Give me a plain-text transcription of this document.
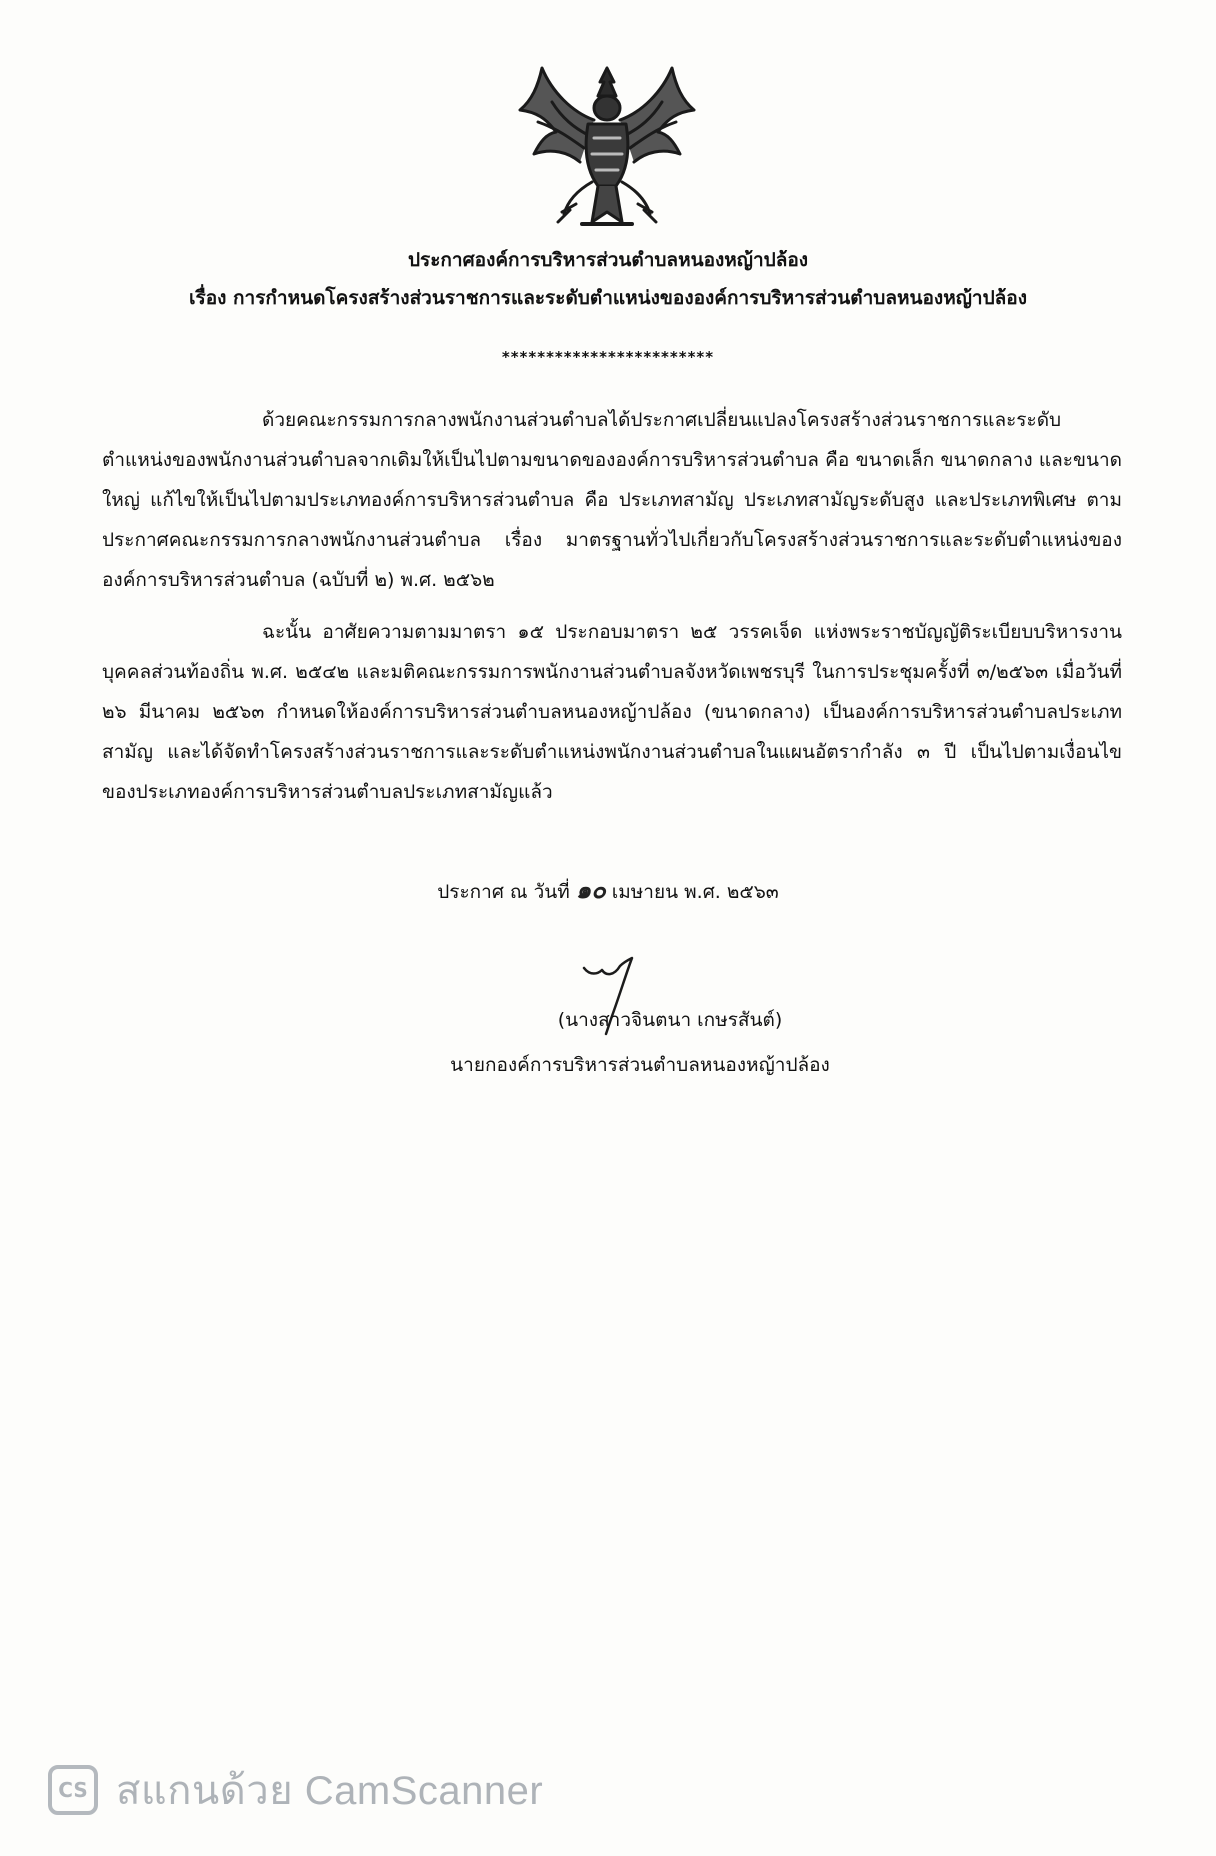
ประกาศองค์การบริหารส่วนตำบลหนองหญ้าปล้อง
เรื่อง การกำหนดโครงสร้างส่วนราชการและระดับตำแหน่งขององค์การบริหารส่วนตำบลหนองหญ้าปล้อง
************************
ด้วยคณะกรรมการกลางพนักงานส่วนตำบลได้ประกาศเปลี่ยนแปลงโครงสร้างส่วนราชการและระดับตำแหน่งของพนักงานส่วนตำบลจากเดิมให้เป็นไปตามขนาดขององค์การบริหารส่วนตำบล คือ ขนาดเล็ก ขนาดกลาง และขนาดใหญ่ แก้ไขให้เป็นไปตามประเภทองค์การบริหารส่วนตำบล คือ ประเภทสามัญ ประเภทสามัญระดับสูง และประเภทพิเศษ ตามประกาศคณะกรรมการกลางพนักงานส่วนตำบล เรื่อง มาตรฐานทั่วไปเกี่ยวกับโครงสร้างส่วนราชการและระดับตำแหน่งขององค์การบริหารส่วนตำบล (ฉบับที่ ๒) พ.ศ. ๒๕๖๒
ฉะนั้น อาศัยความตามมาตรา ๑๕ ประกอบมาตรา ๒๕ วรรคเจ็ด แห่งพระราชบัญญัติระเบียบบริหารงานบุคคลส่วนท้องถิ่น พ.ศ. ๒๕๔๒ และมติคณะกรรมการพนักงานส่วนตำบลจังหวัดเพชรบุรี ในการประชุมครั้งที่ ๓/๒๕๖๓ เมื่อวันที่ ๒๖ มีนาคม ๒๕๖๓ กำหนดให้องค์การบริหารส่วนตำบลหนองหญ้าปล้อง (ขนาดกลาง) เป็นองค์การบริหารส่วนตำบลประเภทสามัญ และได้จัดทำโครงสร้างส่วนราชการและระดับตำแหน่งพนักงานส่วนตำบลในแผนอัตรากำลัง ๓ ปี เป็นไปตามเงื่อนไขของประเภทองค์การบริหารส่วนตำบลประเภทสามัญแล้ว
ประกาศ ณ วันที่ ๑๐ เมษายน พ.ศ. ๒๕๖๓
(นางสาวจินตนา เกษรสันต์)
นายกองค์การบริหารส่วนตำบลหนองหญ้าปล้อง
CS สแกนด้วย CamScanner
